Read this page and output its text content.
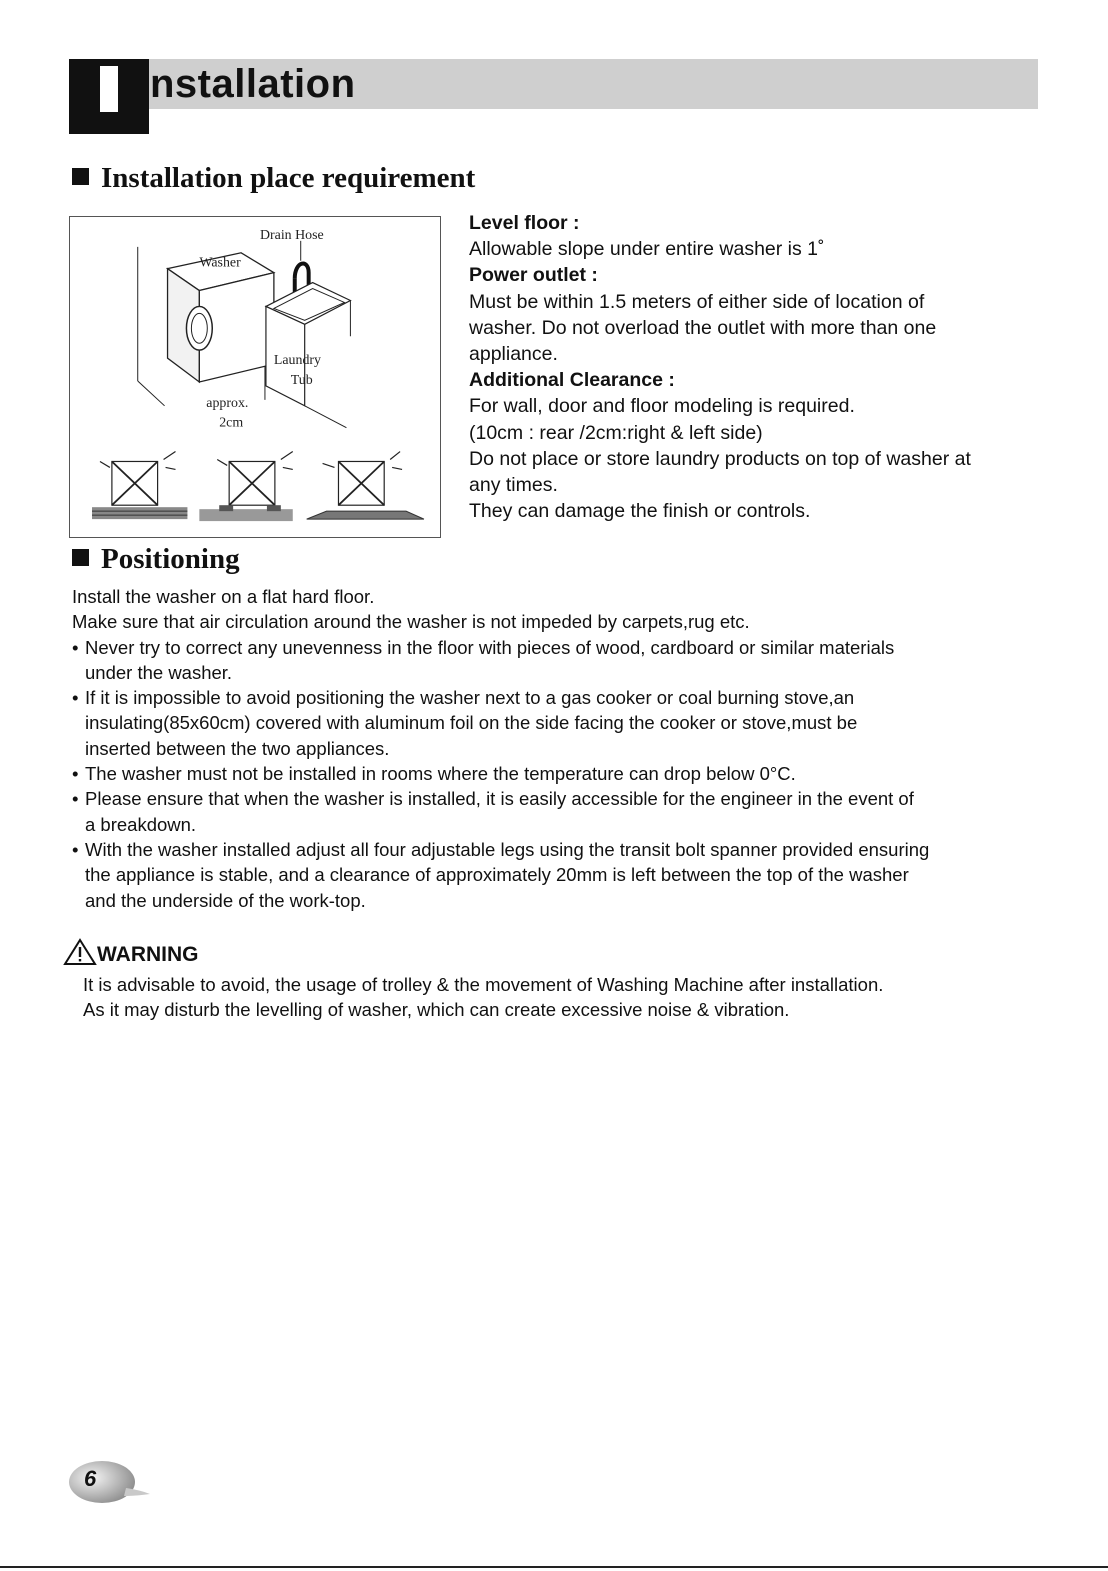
nstallation
Installation place requirement
Washer
Drain Hose
Laundry
Tub
approx.
2cm
Level floor :
Allowable slope under entire washer is 1˚
Power outlet :
Must be within 1.5 meters of either side of location of
washer. Do not overload the outlet with more than one
appliance.
Additional Clearance :
For wall, door and floor modeling is required.
(10cm : rear /2cm:right & left side)
Do not place or store laundry products on top of washer at
any times.
They can damage the finish or controls.
Positioning
Install the washer on a flat hard floor.
Make sure that air circulation around the washer is not impeded by carpets,rug etc.
• Never try to correct any unevenness in the floor with pieces of wood, cardboard or similar materials
under the washer.
• If it is impossible to avoid positioning the washer next to a gas cooker or coal burning stove,an
insulating(85x60cm) covered with aluminum foil on the side facing the cooker or stove,must be
inserted between the two appliances.
• The washer must not be installed in rooms where the temperature can drop below 0°C.
• Please ensure that when the washer is installed, it is easily accessible for the engineer in the event of
a breakdown.
• With the washer installed adjust all four adjustable legs using the transit bolt spanner provided ensuring
the appliance is stable, and a clearance of approximately 20mm is left between the top of the washer
and the underside of the work-top.
WARNING
It is advisable to avoid, the usage of trolley & the movement of Washing Machine after installation.
As it may disturb the levelling of washer, which can create excessive noise & vibration.
6
